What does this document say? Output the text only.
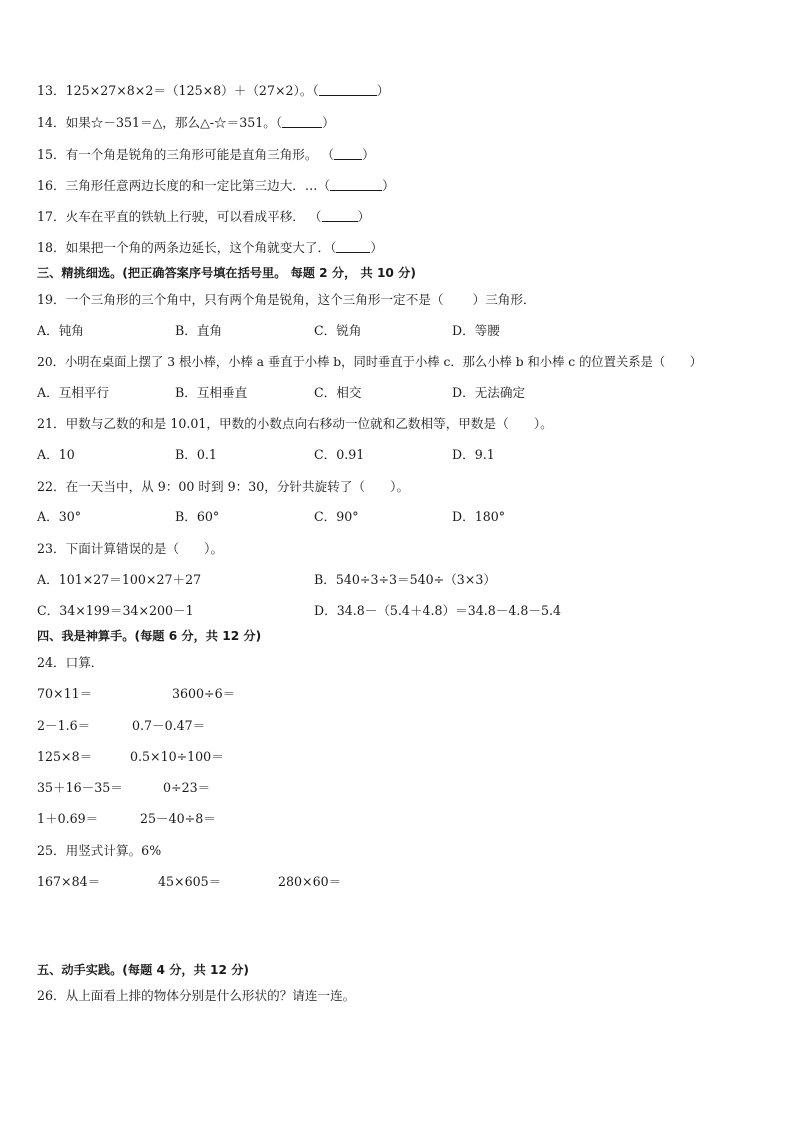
13．125×27×8×2＝（125×8）＋（27×2）。（	）
14．如果☆－351＝△，那么△-☆＝351。（	）
15．有一个角是锐角的三角形可能是直角三角形。 （ ）
16．三角形任意两边长度的和一定比第三边大．…（	）
17．火车在平直的铁轨上行驶，可以看成平移． （	）
18．如果把一个角的两条边延长，这个角就变大了．（	）
三、精挑细选。(把正确答案序号填在括号里。 每题 2 分， 共 10 分)
19．一个三角形的三个角中，只有两个角是锐角，这个三角形一定不是（　　 ）三角形．
A．钝角	B．直角	C．锐角	D．等腰
20．小明在桌面上摆了 3 根小棒，小棒 a 垂直于小棒 b，同时垂直于小棒 c．那么小棒 b 和小棒 c 的位置关系是（　　）
A．互相平行	B．互相垂直	C．相交	D．无法确定
21．甲数与乙数的和是 10.01，甲数的小数点向右移动一位就和乙数相等，甲数是（　　）。
A．10	B．0.1	C．0.91	D．9.1
22．在一天当中，从 9：00 时到 9：30，分针共旋转了（　　）。
A．30°	B．60°	C．90°	D．180°
23．下面计算错误的是（　　）。
A．101×27＝100×27＋27	B．540÷3÷3＝540÷（3×3）
C．34×199＝34×200－1	D．34.8－（5.4＋4.8）＝34.8－4.8－5.4
四、我是神算手。(每题 6 分，共 12 分)
24．口算．
70×11＝	3600÷6＝
2－1.6＝	0.7－0.47＝
125×8＝	0.5×10÷100＝
35＋16－35＝	0÷23＝
1＋0.69＝	25－40÷8＝
25．用竖式计算。6%
167×84＝	45×605＝	280×60＝
五、动手实践。(每题 4 分，共 12 分)
26．从上面看上排的物体分别是什么形状的？请连一连。
